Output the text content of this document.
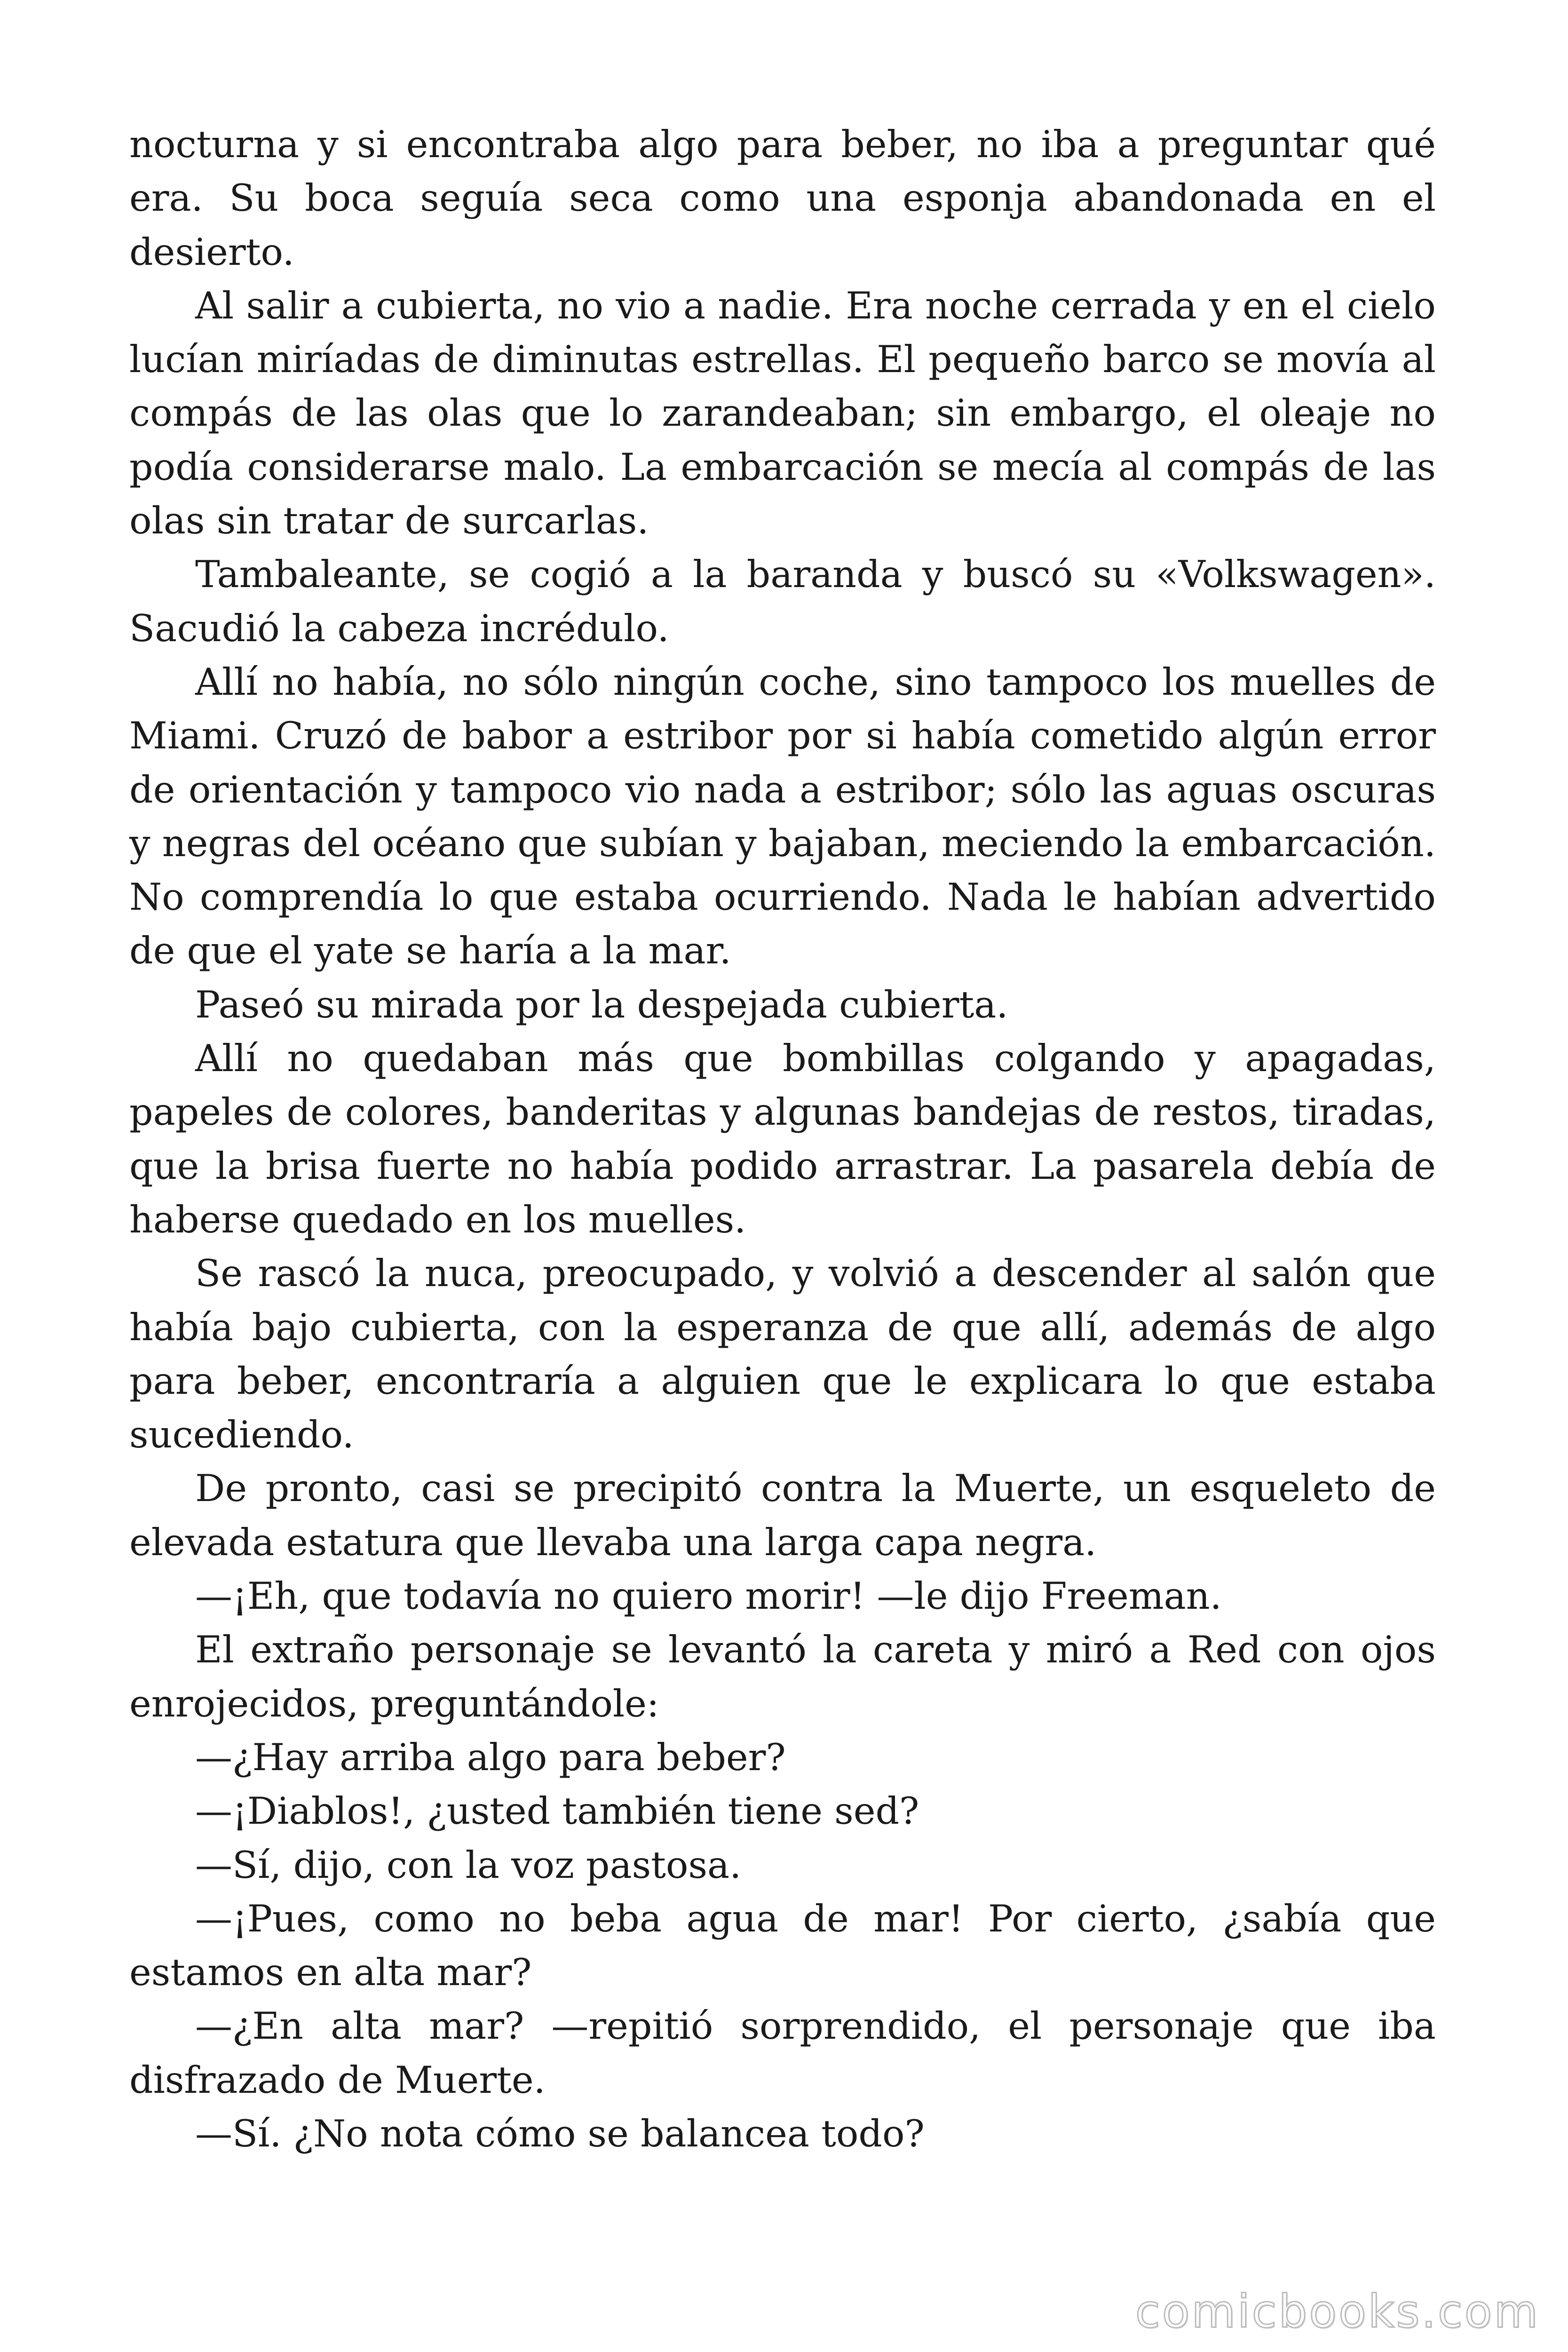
nocturna y si encontraba algo para beber, no iba a preguntar qué era. Su boca seguía seca como una esponja abandonada en el desierto.

Al salir a cubierta, no vio a nadie. Era noche cerrada y en el cielo lucían miríadas de diminutas estrellas. El pequeño barco se movía al compás de las olas que lo zarandeaban; sin embargo, el oleaje no podía considerarse malo. La embarcación se mecía al compás de las olas sin tratar de surcarlas.

Tambaleante, se cogió a la baranda y buscó su «Volkswagen». Sacudió la cabeza incrédulo.

Allí no había, no sólo ningún coche, sino tampoco los muelles de Miami. Cruzó de babor a estribor por si había cometido algún error de orientación y tampoco vio nada a estribor; sólo las aguas oscuras y negras del océano que subían y bajaban, meciendo la embarcación. No comprendía lo que estaba ocurriendo. Nada le habían advertido de que el yate se haría a la mar.

Paseó su mirada por la despejada cubierta.

Allí no quedaban más que bombillas colgando y apagadas, papeles de colores, banderitas y algunas bandejas de restos, tiradas, que la brisa fuerte no había podido arrastrar. La pasarela debía de haberse quedado en los muelles.

Se rascó la nuca, preocupado, y volvió a descender al salón que había bajo cubierta, con la esperanza de que allí, además de algo para beber, encontraría a alguien que le explicara lo que estaba sucediendo.

De pronto, casi se precipitó contra la Muerte, un esqueleto de elevada estatura que llevaba una larga capa negra.

—¡Eh, que todavía no quiero morir! —le dijo Freeman.

El extraño personaje se levantó la careta y miró a Red con ojos enrojecidos, preguntándole:

—¿Hay arriba algo para beber?

—¡Diablos!, ¿usted también tiene sed?

—Sí, dijo, con la voz pastosa.

—¡Pues, como no beba agua de mar! Por cierto, ¿sabía que estamos en alta mar?

—¿En alta mar? —repitió sorprendido, el personaje que iba disfrazado de Muerte.

—Sí. ¿No nota cómo se balancea todo?

comicbooks.com
